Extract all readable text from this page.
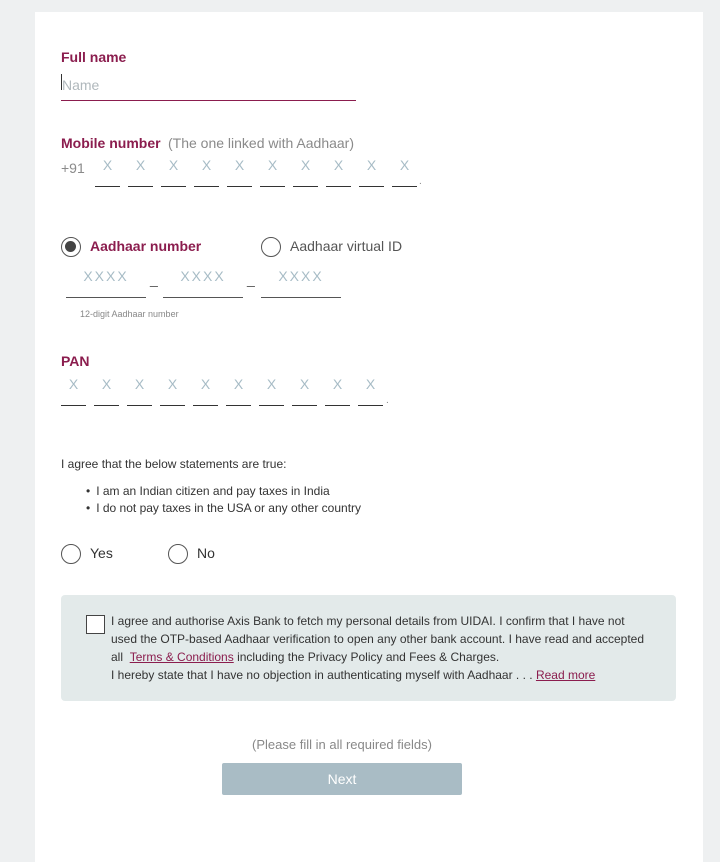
Full name
Name
Mobile number (The one linked with Aadhaar)
+91	X	X	X	X	X	X	X	X	X	X
.
Aadhaar number	Aadhaar virtual ID
XXXX	_	XXXX	_	XXXX
12-digit Aadhaar number
PAN
X	X	X	X	X	X	X	X	X	X
.
I agree that the below statements are true:
• I am an Indian citizen and pay taxes in India
• I do not pay taxes in the USA or any other country
Yes	No
I agree and authorise Axis Bank to fetch my personal details from UIDAI. I confirm that I have not used the OTP-based Aadhaar verification to open any other bank account. I have read and accepted all Terms & Conditions including the Privacy Policy and Fees & Charges.
I hereby state that I have no objection in authenticating myself with Aadhaar . . . Read more
(Please fill in all required fields)
Next
